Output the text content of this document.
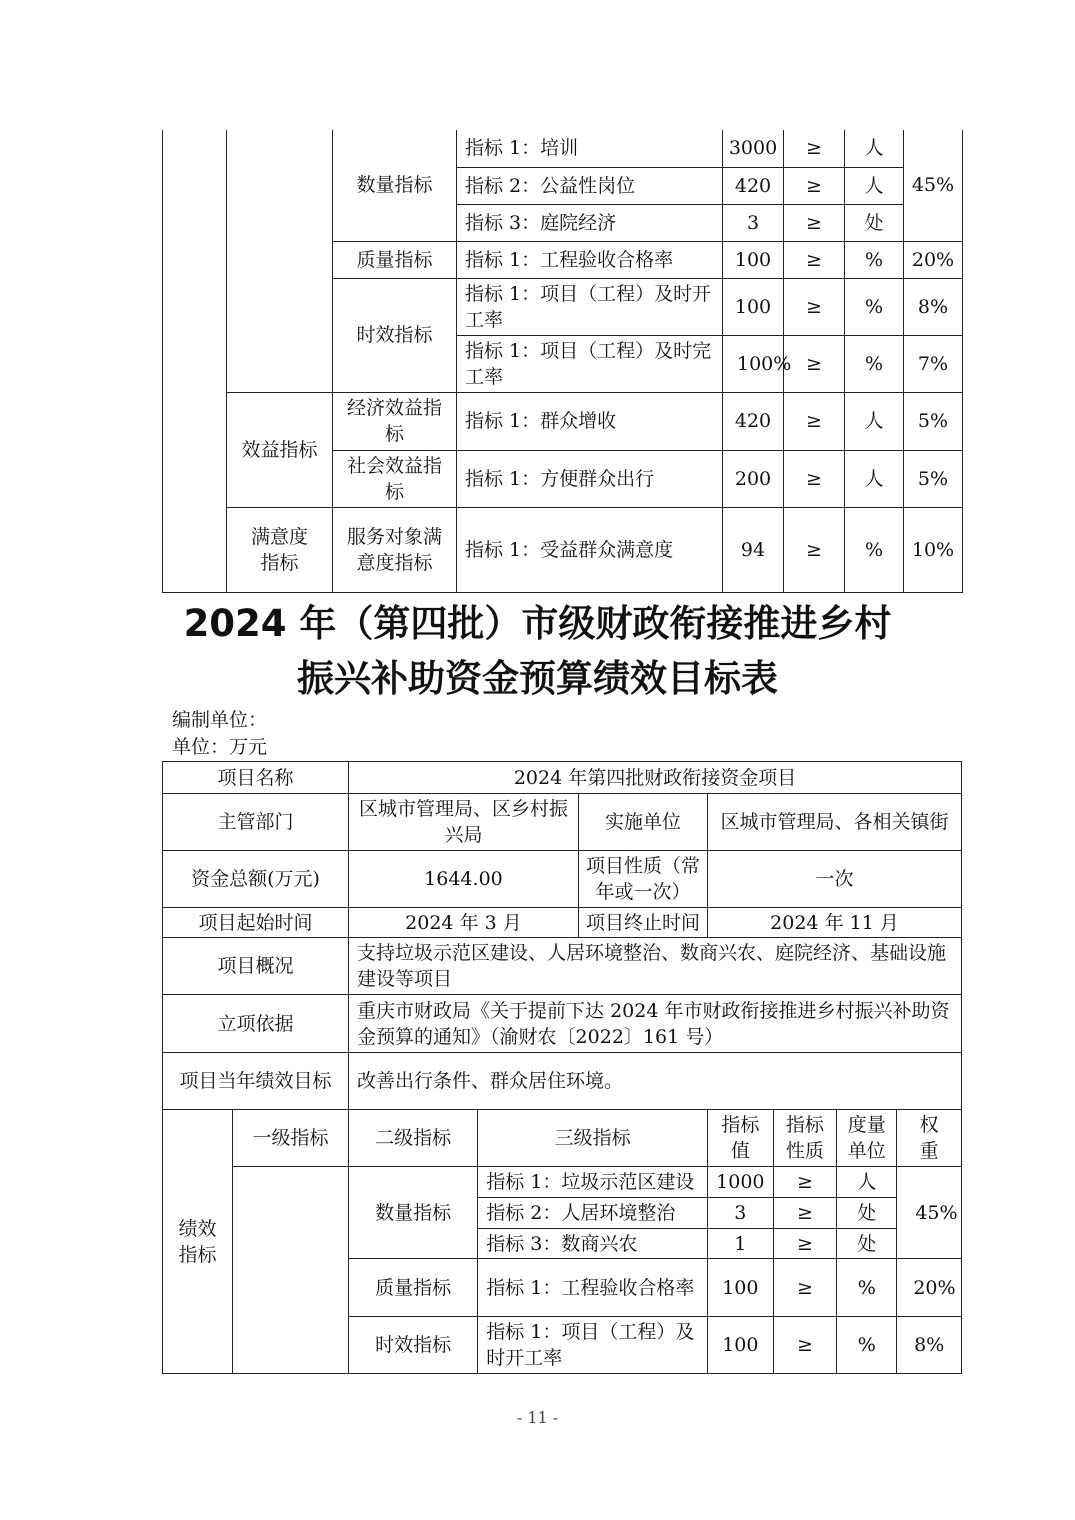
		数量指标	指标 1：培训	3000	≥	人	45%
			指标 2：公益性岗位	420	≥	人	
			指标 3：庭院经济	3	≥	处	
		质量指标	指标 1：工程验收合格率	100	≥	%	20%
		时效指标	指标 1：项目（工程）及时开工率	100	≥	%	8%
			指标 1：项目（工程）及时完工率	100%	≥	%	7%
	效益指标	经济效益指标	指标 1：群众增收	420	≥	人	5%
		社会效益指标	指标 1：方便群众出行	200	≥	人	5%
	满意度指标	服务对象满意度指标	指标 1：受益群众满意度	94	≥	%	10%
2024 年（第四批）市级财政衔接推进乡村
振兴补助资金预算绩效目标表
编制单位：
单位：万元
项目名称		2024 年第四批财政衔接资金项目						
主管部门		区城市管理局、区乡村振兴局		实施单位	区城市管理局、各相关镇街			
资金总额(万元)		1644.00		项目性质（常年或一次）	一次			
项目起始时间		2024 年 3 月		项目终止时间	2024 年 11 月			
项目概况		支持垃圾示范区建设、人居环境整治、数商兴农、庭院经济、基础设施建设等项目						
立项依据		重庆市财政局《关于提前下达 2024 年市财政衔接推进乡村振兴补助资金预算的通知》（渝财农〔2022〕161 号）						
项目当年绩效目标		改善出行条件、群众居住环境。						
绩效指标	一级指标	二级指标	三级指标		指标值	指标性质	度量单位	权重
		数量指标	指标 1：垃圾示范区建设		1000	≥	人	45%
			指标 2：人居环境整治		3	≥	处	
			指标 3：数商兴农		1	≥	处	
		质量指标	指标 1：工程验收合格率		100	≥	%	20%
		时效指标	指标 1：项目（工程）及时开工率		100	≥	%	8%
- 11 -
